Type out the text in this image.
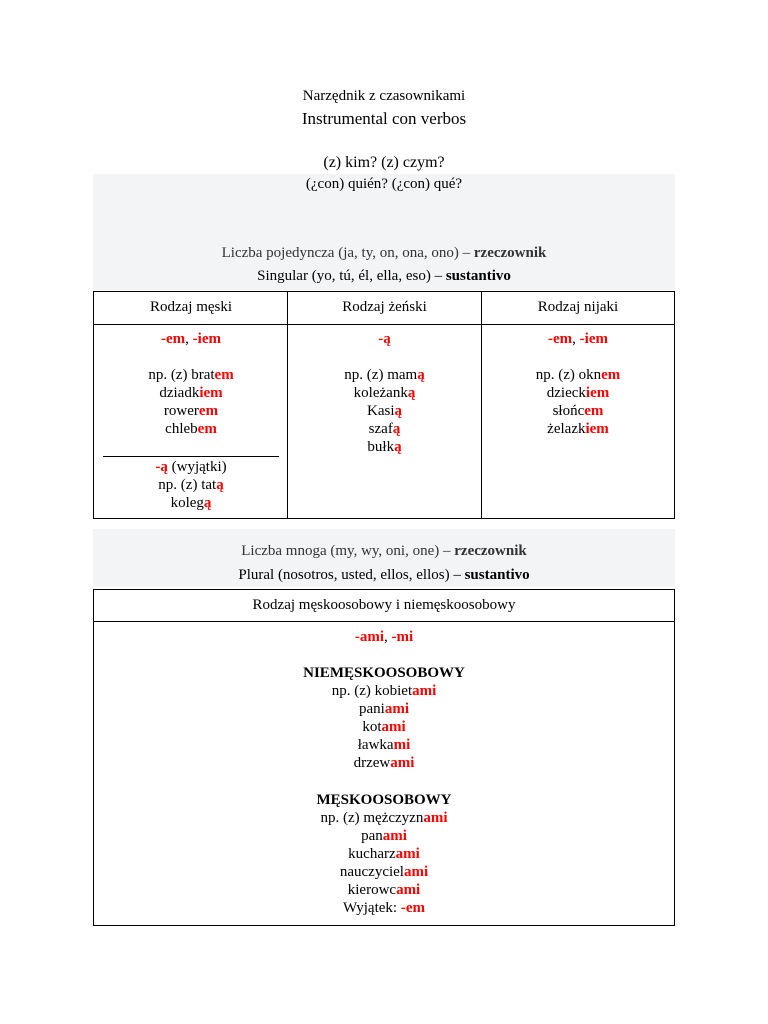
Narzędnik z czasownikami
Instrumental con verbos
(z) kim? (z) czym?
(¿con) quién? (¿con) qué?
Liczba pojedyncza (ja, ty, on, ona, ono) – rzeczownik
Singular (yo, tú, él, ella, eso) – sustantivo
Rodzaj męski
-em, -iem
np. (z) bratem
dziadkiem
rowerem
chlebem
-ą (wyjątki)
np. (z) tatą
kolegą
Rodzaj żeński
-ą
np. (z) mamą
koleżanką
Kasią
szafą
bułką
Rodzaj nijaki
-em, -iem
np. (z) oknem
dzieckiem
słońcem
żelazkiem
Liczba mnoga (my, wy, oni, one) – rzeczownik
Plural (nosotros, usted, ellos, ellos) – sustantivo
Rodzaj męskoosobowy i niemęskoosobowy
-ami, -mi
NIEMĘSKOOSOBOWY
np. (z) kobietami
paniami
kotami
ławkami
drzewami
MĘSKOOSOBOWY
np. (z) mężczyznami
panami
kucharzami
nauczycielami
kierowcami
Wyjątek: -em
